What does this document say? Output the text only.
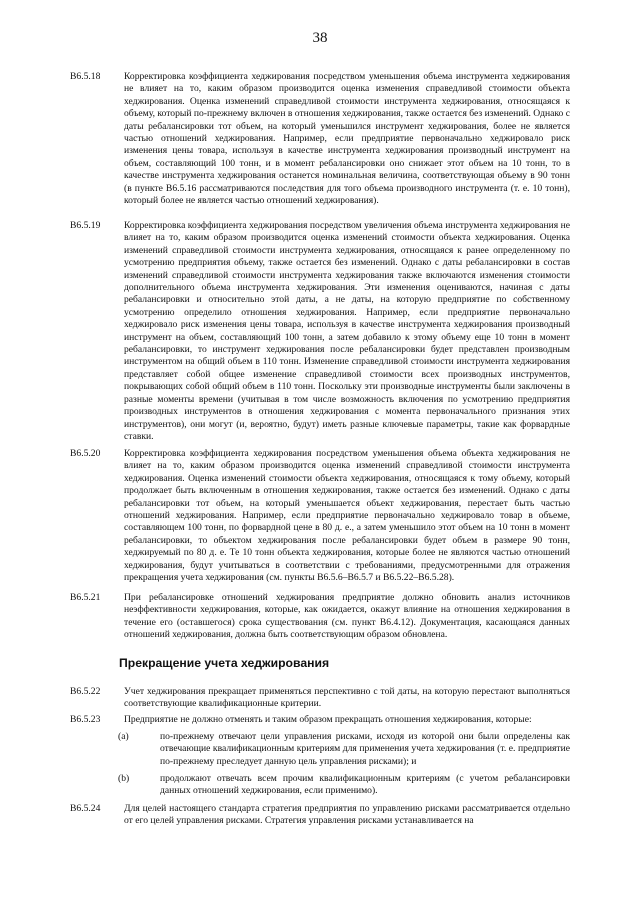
38
B6.5.18	Корректировка коэффициента хеджирования посредством уменьшения объема инструмента хеджирования не влияет на то, каким образом производится оценка изменения справедливой стоимости объекта хеджирования. Оценка изменений справедливой стоимости инструмента хеджирования, относящаяся к объему, который по-прежнему включен в отношения хеджирования, также остается без изменений. Однако с даты ребалансировки тот объем, на который уменьшился инструмент хеджирования, более не является частью отношений хеджирования. Например, если предприятие первоначально хеджировало риск изменения цены товара, используя в качестве инструмента хеджирования производный инструмент на объем, составляющий 100 тонн, и в момент ребалансировки оно снижает этот объем на 10 тонн, то в качестве инструмента хеджирования останется номинальная величина, соответствующая объему в 90 тонн (в пункте B6.5.16 рассматриваются последствия для того объема производного инструмента (т. е. 10 тонн), который более не является частью отношений хеджирования).
B6.5.19	Корректировка коэффициента хеджирования посредством увеличения объема инструмента хеджирования не влияет на то, каким образом производится оценка изменений стоимости объекта хеджирования. Оценка изменений справедливой стоимости инструмента хеджирования, относящаяся к ранее определенному по усмотрению предприятия объему, также остается без изменений. Однако с даты ребалансировки в состав изменений справедливой стоимости инструмента хеджирования также включаются изменения стоимости дополнительного объема инструмента хеджирования. Эти изменения оцениваются, начиная с даты ребалансировки и относительно этой даты, а не даты, на которую предприятие по собственному усмотрению определило отношения хеджирования. Например, если предприятие первоначально хеджировало риск изменения цены товара, используя в качестве инструмента хеджирования производный инструмент на объем, составляющий 100 тонн, а затем добавило к этому объему еще 10 тонн в момент ребалансировки, то инструмент хеджирования после ребалансировки будет представлен производным инструментом на общий объем в 110 тонн. Изменение справедливой стоимости инструмента хеджирования представляет собой общее изменение справедливой стоимости всех производных инструментов, покрывающих собой общий объем в 110 тонн. Поскольку эти производные инструменты были заключены в разные моменты времени (учитывая в том числе возможность включения по усмотрению предприятия производных инструментов в отношения хеджирования с момента первоначального признания этих инструментов), они могут (и, вероятно, будут) иметь разные ключевые параметры, такие как форвардные ставки.
B6.5.20	Корректировка коэффициента хеджирования посредством уменьшения объема объекта хеджирования не влияет на то, каким образом производится оценка изменений справедливой стоимости инструмента хеджирования. Оценка изменений стоимости объекта хеджирования, относящаяся к тому объему, который продолжает быть включенным в отношения хеджирования, также остается без изменений. Однако с даты ребалансировки тот объем, на который уменьшается объект хеджирования, перестает быть частью отношений хеджирования. Например, если предприятие первоначально хеджировало товар в объеме, составляющем 100 тонн, по форвардной цене в 80 д. е., а затем уменьшило этот объем на 10 тонн в момент ребалансировки, то объектом хеджирования после ребалансировки будет объем в размере 90 тонн, хеджируемый по 80 д. е. Те 10 тонн объекта хеджирования, которые более не являются частью отношений хеджирования, будут учитываться в соответствии с требованиями, предусмотренными для отражения прекращения учета хеджирования (см. пункты B6.5.6–B6.5.7 и B6.5.22–B6.5.28).
B6.5.21	При ребалансировке отношений хеджирования предприятие должно обновить анализ источников неэффективности хеджирования, которые, как ожидается, окажут влияние на отношения хеджирования в течение его (оставшегося) срока существования (см. пункт B6.4.12). Документация, касающаяся данных отношений хеджирования, должна быть соответствующим образом обновлена.
Прекращение учета хеджирования
B6.5.22	Учет хеджирования прекращает применяться перспективно с той даты, на которую перестают выполняться соответствующие квалификационные критерии.
B6.5.23	Предприятие не должно отменять и таким образом прекращать отношения хеджирования, которые:
(a)	по-прежнему отвечают цели управления рисками, исходя из которой они были определены как отвечающие квалификационным критериям для применения учета хеджирования (т. е. предприятие по-прежнему преследует данную цель управления рисками); и
(b)	продолжают отвечать всем прочим квалификационным критериям (с учетом ребалансировки данных отношений хеджирования, если применимо).
B6.5.24	Для целей настоящего стандарта стратегия предприятия по управлению рисками рассматривается отдельно от его целей управления рисками. Стратегия управления рисками устанавливается на
